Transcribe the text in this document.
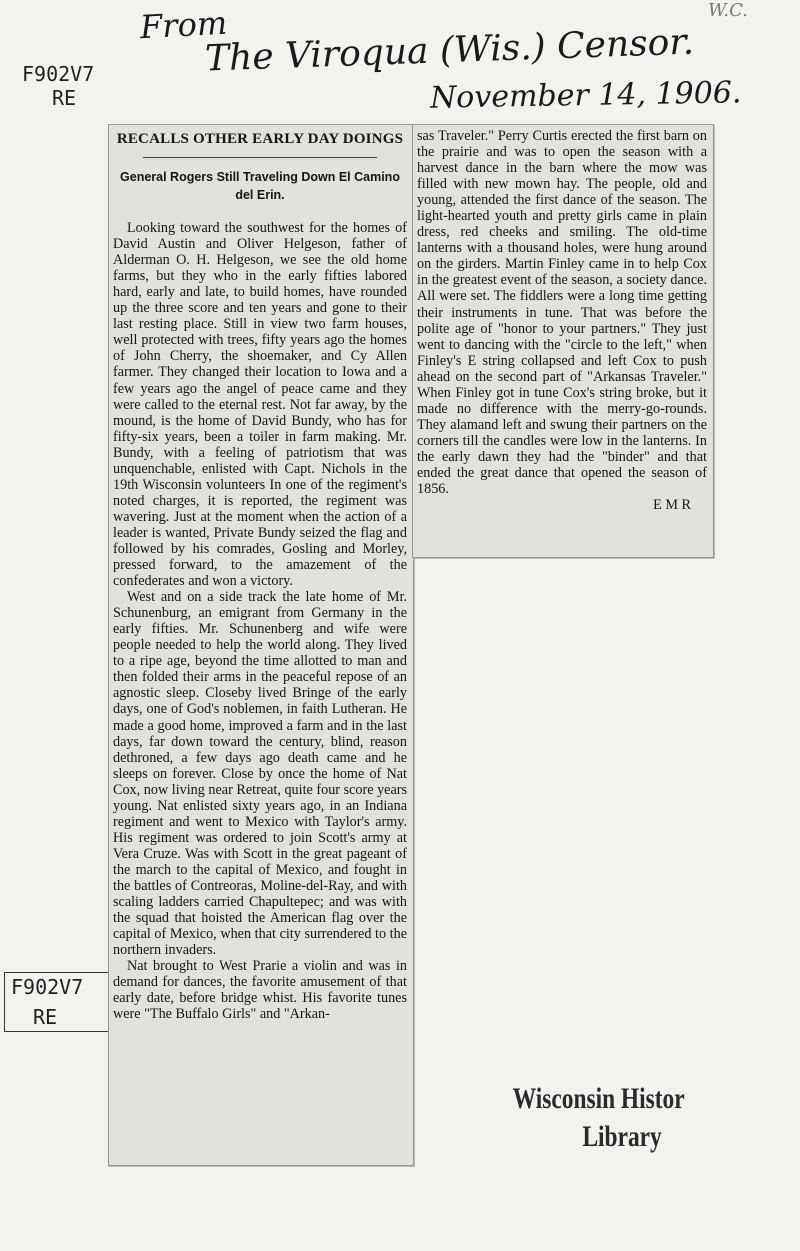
From
The Viroqua (Wis.) Censor.
November 14, 1906.
W.C.
F902V7
RE
F902V7
RE
RECALLS OTHER EARLY DAY DOINGS
General Rogers Still Traveling Down El Camino del Erin.

Looking toward the southwest for the homes of David Austin and Oliver Helgeson, father of Alderman O. H. Helgeson, we see the old home farms, but they who in the early fifties labored hard, early and late, to build homes, have rounded up the three score and ten years and gone to their last resting place. Still in view two farm houses, well protected with trees, fifty years ago the homes of John Cherry, the shoemaker, and Cy Allen farmer. They changed their location to Iowa and a few years ago the angel of peace came and they were called to the eternal rest. Not far away, by the mound, is the home of David Bundy, who has for fifty-six years, been a toiler in farm making. Mr. Bundy, with a feeling of patriotism that was unquenchable, enlisted with Capt. Nichols in the 19th Wisconsin volunteers In one of the regiment's noted charges, it is reported, the regiment was wavering. Just at the moment when the action of a leader is wanted, Private Bundy seized the flag and followed by his comrades, Gosling and Morley, pressed forward, to the amazement of the confederates and won a victory.

West and on a side track the late home of Mr. Schunenburg, an emigrant from Germany in the early fifties. Mr. Schunenberg and wife were people needed to help the world along. They lived to a ripe age, beyond the time allotted to man and then folded their arms in the peaceful repose of an agnostic sleep. Closeby lived Bringe of the early days, one of God's noblemen, in faith Lutheran. He made a good home, improved a farm and in the last days, far down toward the century, blind, reason dethroned, a few days ago death came and he sleeps on forever. Close by once the home of Nat Cox, now living near Retreat, quite four score years young. Nat enlisted sixty years ago, in an Indiana regiment and went to Mexico with Taylor's army. His regiment was ordered to join Scott's army at Vera Cruze. Was with Scott in the great pageant of the march to the capital of Mexico, and fought in the battles of Contreoras, Moline-del-Ray, and with scaling ladders carried Chapultepec; and was with the squad that hoisted the American flag over the capital of Mexico, when that city surrendered to the northern invaders.

Nat brought to West Prarie a violin and was in demand for dances, the favorite amusement of that early date, before bridge whist. His favorite tunes were "The Buffalo Girls" and "Arkan-

sas Traveler." Perry Curtis erected the first barn on the prairie and was to open the season with a harvest dance in the barn where the mow was filled with new mown hay. The people, old and young, attended the first dance of the season. The light-hearted youth and pretty girls came in plain dress, red cheeks and smiling. The old-time lanterns with a thousand holes, were hung around on the girders. Martin Finley came in to help Cox in the greatest event of the season, a society dance. All were set. The fiddlers were a long time getting their instruments in tune. That was before the polite age of "honor to your partners." They just went to dancing with the "circle to the left," when Finley's E string collapsed and left Cox to push ahead on the second part of "Arkansas Traveler." When Finley got in tune Cox's string broke, but it made no difference with the merry-go-rounds. They alamand left and swung their partners on the corners till the candles were low in the lanterns. In the early dawn they had the "binder" and that ended the great dance that opened the season of 1856.

E M R
Wisconsin Histor
Library
